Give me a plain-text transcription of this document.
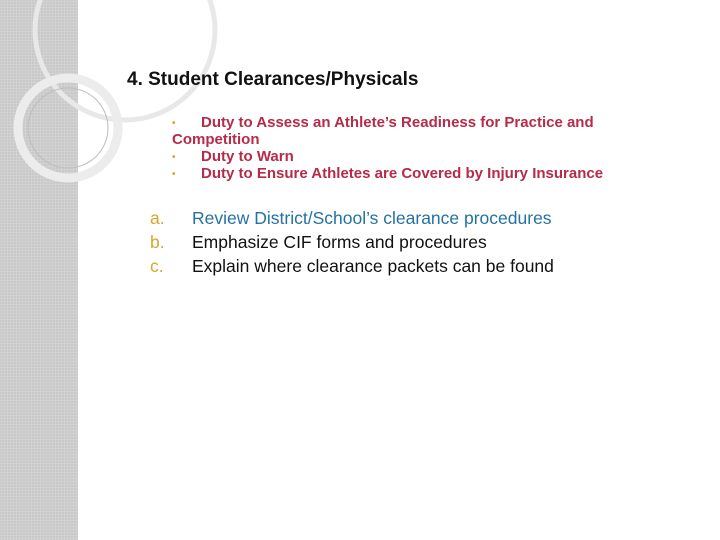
4. Student Clearances/Physicals
• Duty to Assess an Athlete’s Readiness for Practice and
Competition
• Duty to Warn
• Duty to Ensure Athletes are Covered by Injury Insurance
a. Review District/School’s clearance procedures
b. Emphasize CIF forms and procedures
c. Explain where clearance packets can be found
